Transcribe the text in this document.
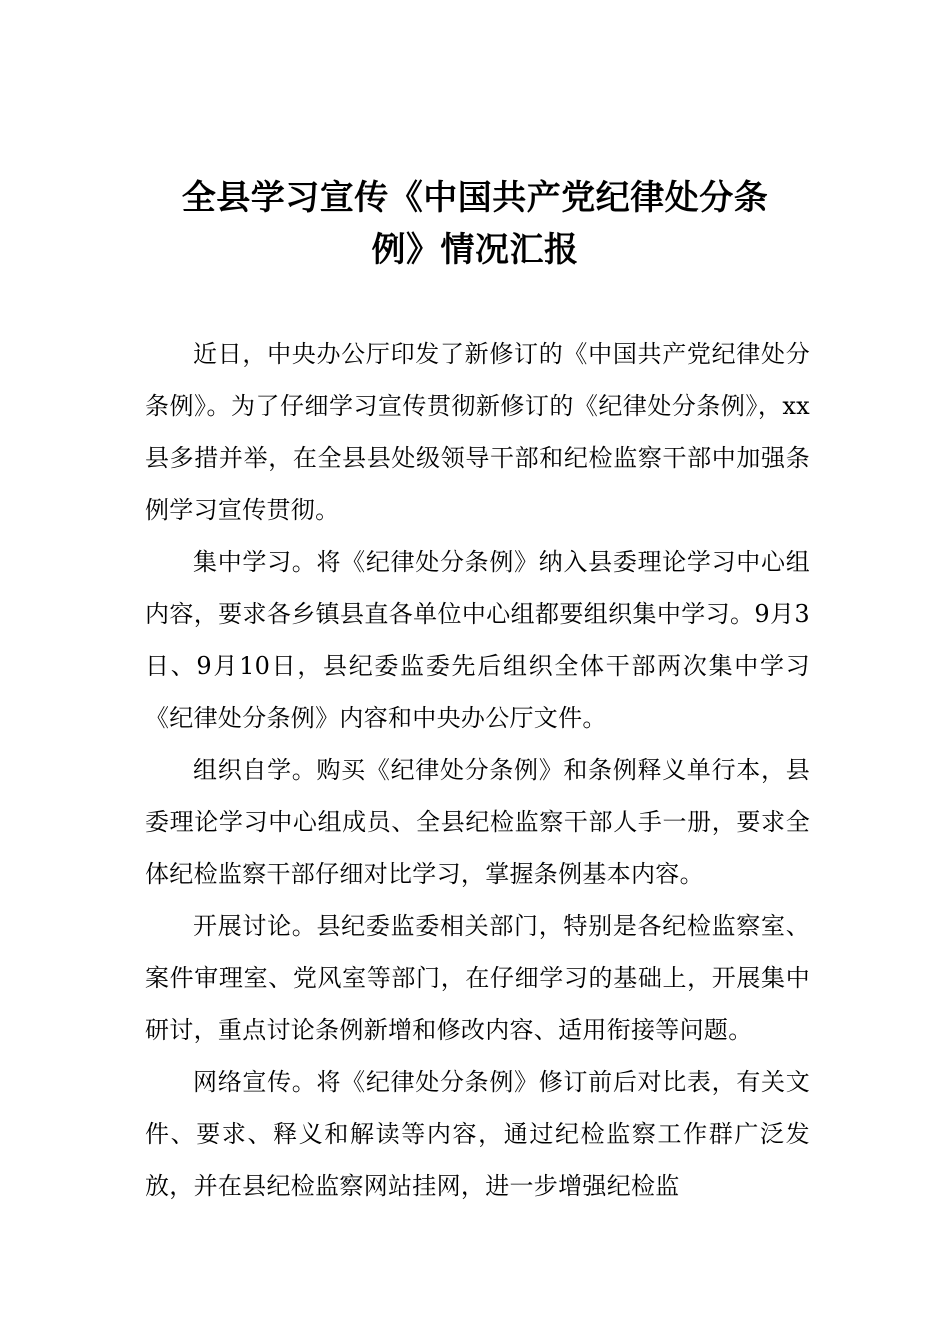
全县学习宣传《中国共产党纪律处分条
例》情况汇报

近日，中央办公厅印发了新修订的《中国共产党纪律处分条例》。为了仔细学习宣传贯彻新修订的《纪律处分条例》，xx县多措并举，在全县县处级领导干部和纪检监察干部中加强条例学习宣传贯彻。

集中学习。将《纪律处分条例》纳入县委理论学习中心组内容，要求各乡镇县直各单位中心组都要组织集中学习。9月3日、9月10日，县纪委监委先后组织全体干部两次集中学习《纪律处分条例》内容和中央办公厅文件。

组织自学。购买《纪律处分条例》和条例释义单行本，县委理论学习中心组成员、全县纪检监察干部人手一册，要求全体纪检监察干部仔细对比学习，掌握条例基本内容。

开展讨论。县纪委监委相关部门，特别是各纪检监察室、案件审理室、党风室等部门，在仔细学习的基础上，开展集中研讨，重点讨论条例新增和修改内容、适用衔接等问题。

网络宣传。将《纪律处分条例》修订前后对比表，有关文件、要求、释义和解读等内容，通过纪检监察工作群广泛发放，并在县纪检监察网站挂网，进一步增强纪检监
